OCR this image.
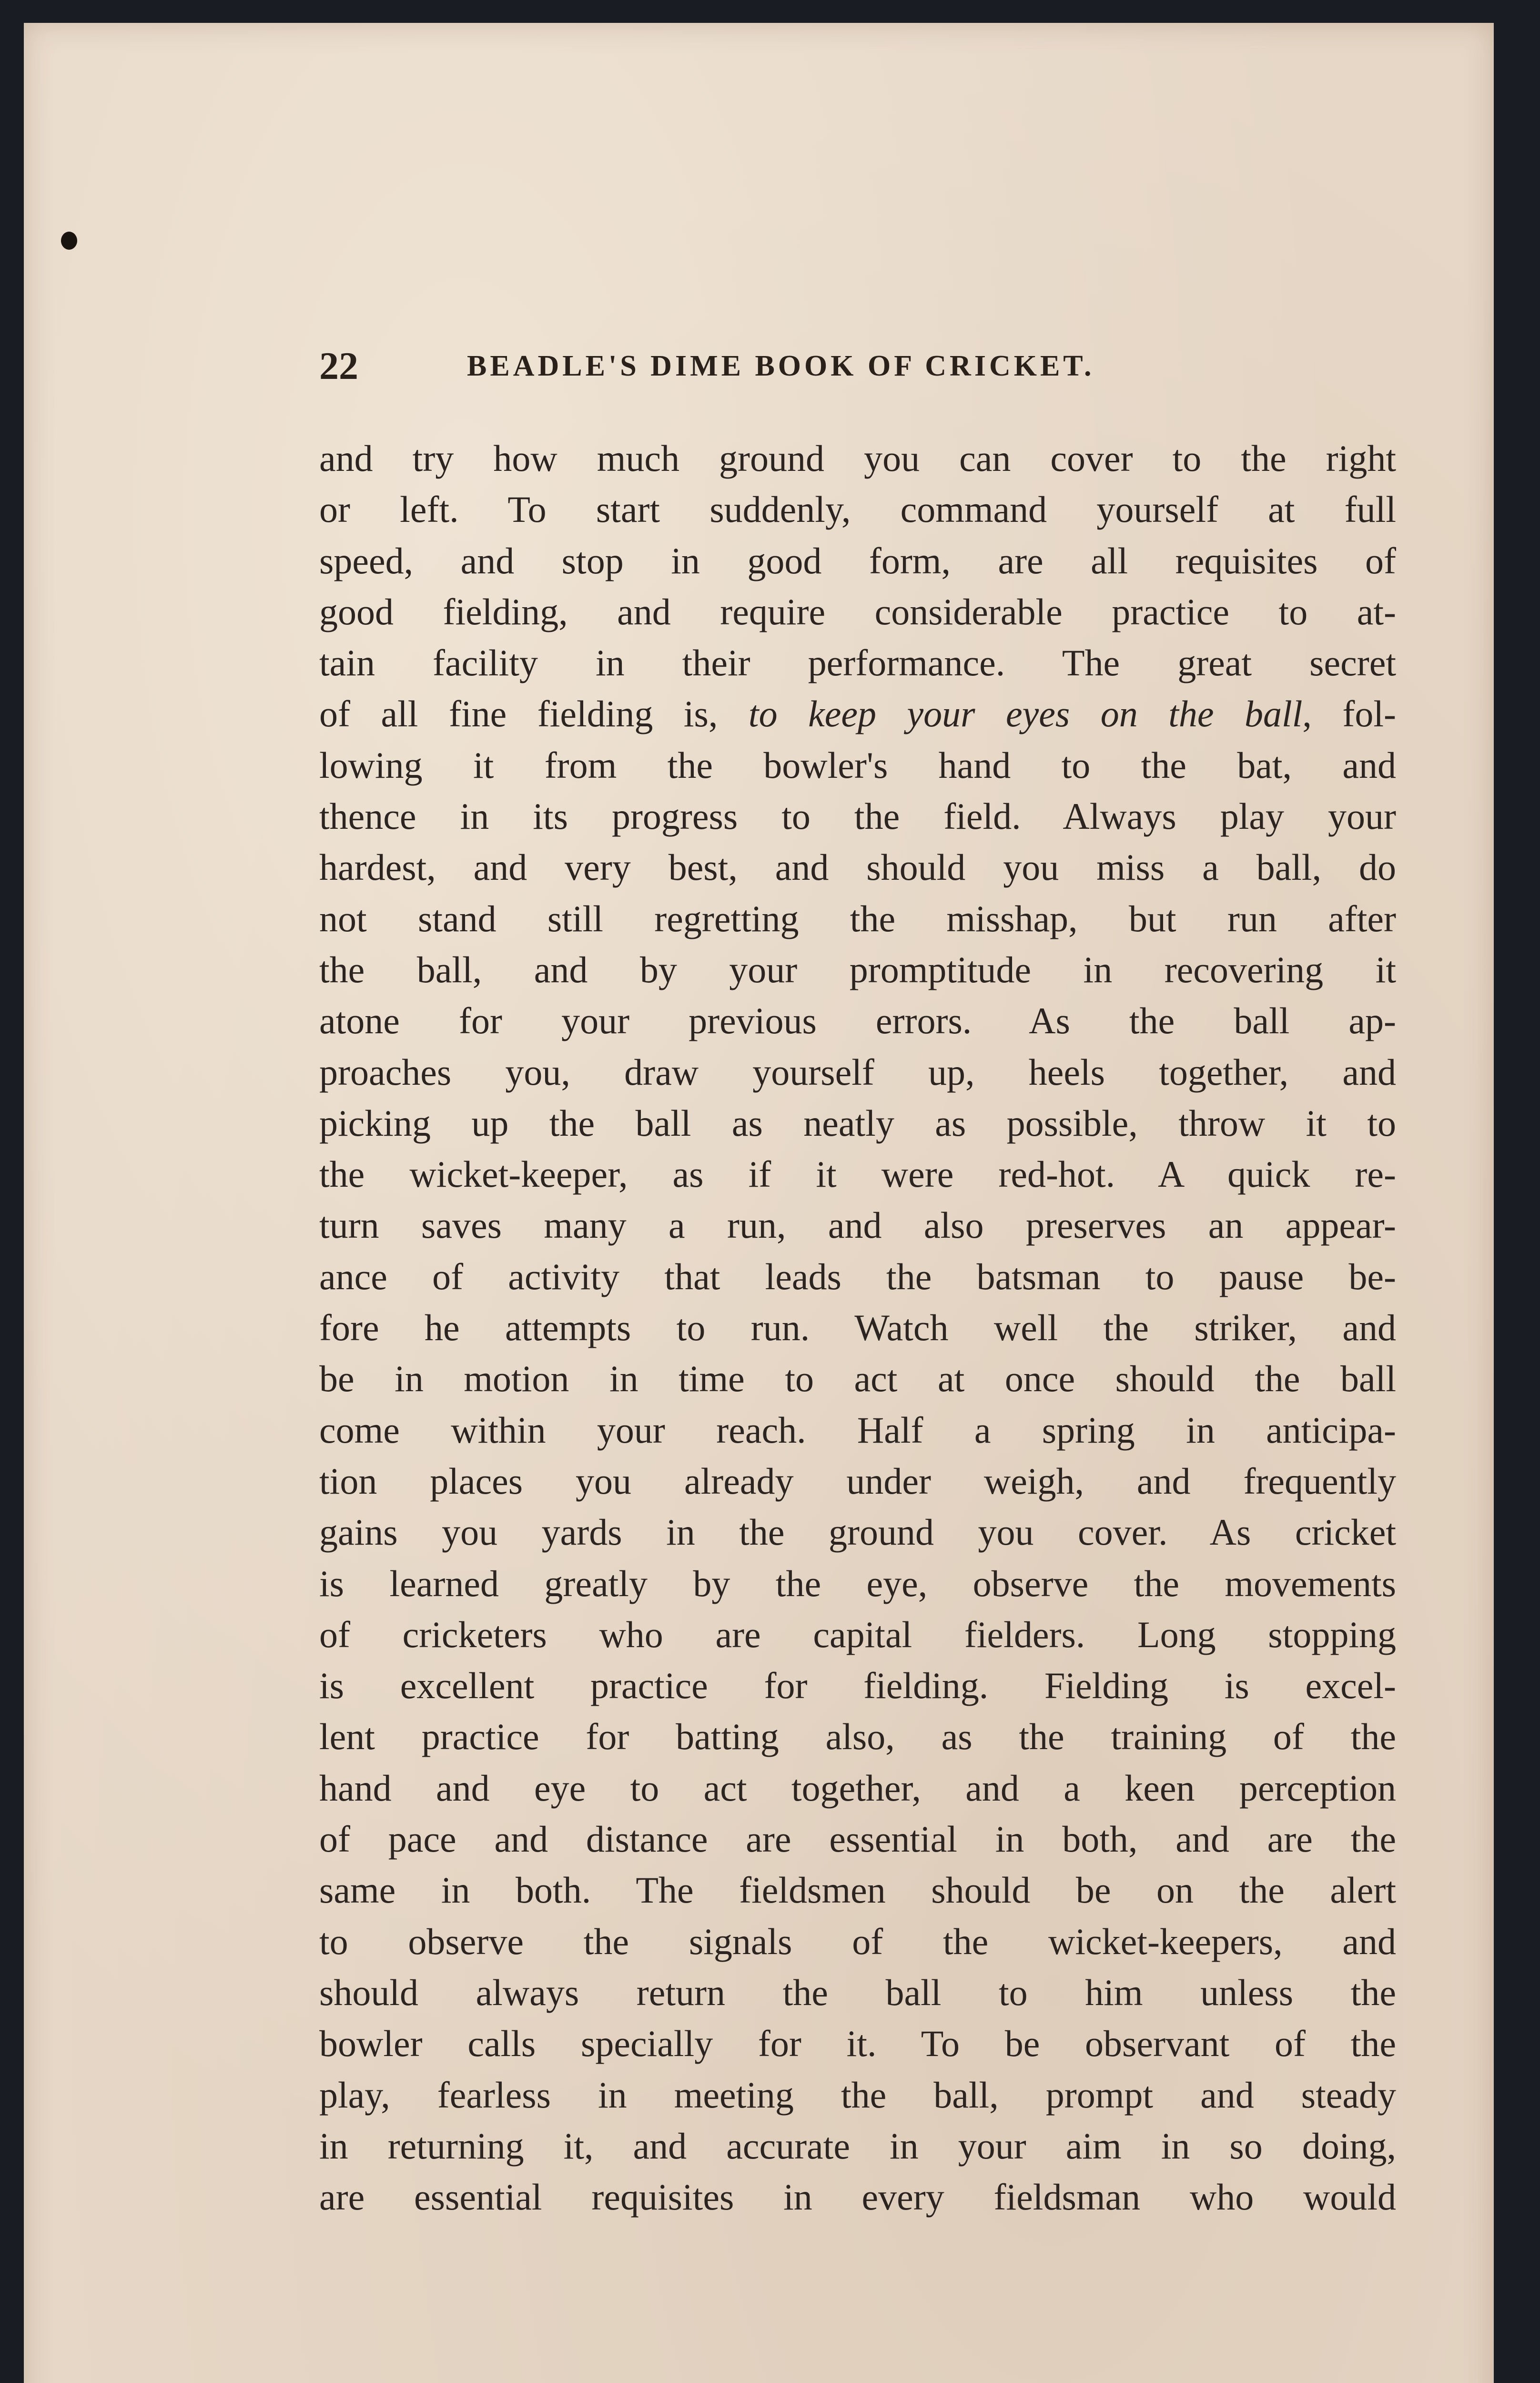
22	BEADLE'S DIME BOOK OF CRICKET.
and try how much ground you can cover to the right
or left. To start suddenly, command yourself at full
speed, and stop in good form, are all requisites of
good fielding, and require considerable practice to at-
tain facility in their performance. The great secret
of all fine fielding is, to keep your eyes on the ball, fol-
lowing it from the bowler's hand to the bat, and
thence in its progress to the field. Always play your
hardest, and very best, and should you miss a ball, do
not stand still regretting the misshap, but run after
the ball, and by your promptitude in recovering it
atone for your previous errors. As the ball ap-
proaches you, draw yourself up, heels together, and
picking up the ball as neatly as possible, throw it to
the wicket-keeper, as if it were red-hot. A quick re-
turn saves many a run, and also preserves an appear-
ance of activity that leads the batsman to pause be-
fore he attempts to run. Watch well the striker, and
be in motion in time to act at once should the ball
come within your reach. Half a spring in anticipa-
tion places you already under weigh, and frequently
gains you yards in the ground you cover. As cricket
is learned greatly by the eye, observe the movements
of cricketers who are capital fielders. Long stopping
is excellent practice for fielding. Fielding is excel-
lent practice for batting also, as the training of the
hand and eye to act together, and a keen perception
of pace and distance are essential in both, and are the
same in both. The fieldsmen should be on the alert
to observe the signals of the wicket-keepers, and
should always return the ball to him unless the
bowler calls specially for it. To be observant of the
play, fearless in meeting the ball, prompt and steady
in returning it, and accurate in your aim in so doing,
are essential requisites in every fieldsman who would
